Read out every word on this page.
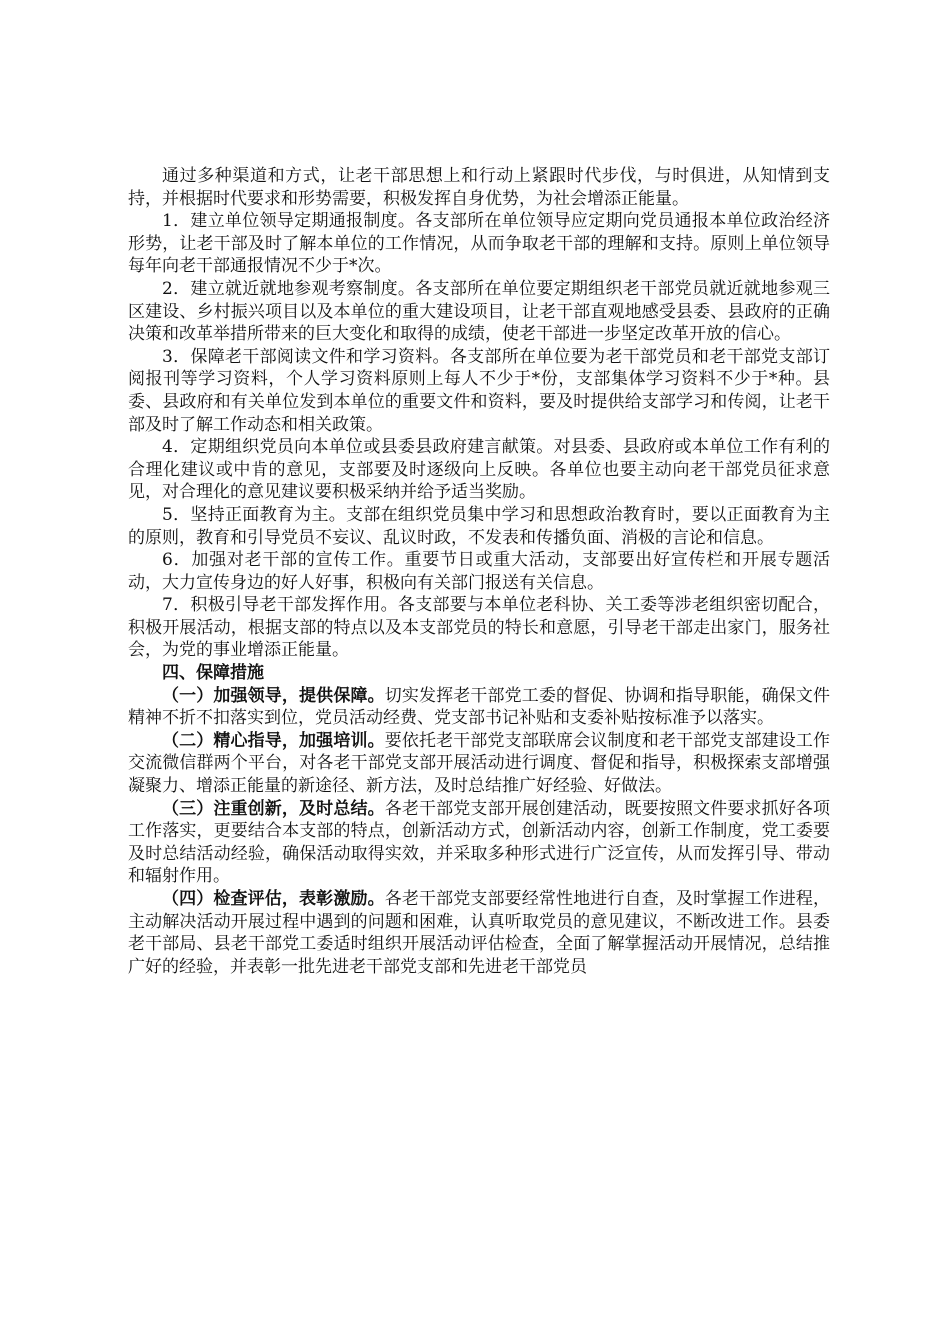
通过多种渠道和方式，让老干部思想上和行动上紧跟时代步伐，与时俱进，从知情到支持，并根据时代要求和形势需要，积极发挥自身优势，为社会增添正能量。

1．建立单位领导定期通报制度。各支部所在单位领导应定期向党员通报本单位政治经济形势，让老干部及时了解本单位的工作情况，从而争取老干部的理解和支持。原则上单位领导每年向老干部通报情况不少于*次。

2．建立就近就地参观考察制度。各支部所在单位要定期组织老干部党员就近就地参观三区建设、乡村振兴项目以及本单位的重大建设项目，让老干部直观地感受县委、县政府的正确决策和改革举措所带来的巨大变化和取得的成绩，使老干部进一步坚定改革开放的信心。

3．保障老干部阅读文件和学习资料。各支部所在单位要为老干部党员和老干部党支部订阅报刊等学习资料，个人学习资料原则上每人不少于*份，支部集体学习资料不少于*种。县委、县政府和有关单位发到本单位的重要文件和资料，要及时提供给支部学习和传阅，让老干部及时了解工作动态和相关政策。

4．定期组织党员向本单位或县委县政府建言献策。对县委、县政府或本单位工作有利的合理化建议或中肯的意见，支部要及时逐级向上反映。各单位也要主动向老干部党员征求意见，对合理化的意见建议要积极采纳并给予适当奖励。

5．坚持正面教育为主。支部在组织党员集中学习和思想政治教育时，要以正面教育为主的原则，教育和引导党员不妄议、乱议时政，不发表和传播负面、消极的言论和信息。

6．加强对老干部的宣传工作。重要节日或重大活动，支部要出好宣传栏和开展专题活动，大力宣传身边的好人好事，积极向有关部门报送有关信息。

7．积极引导老干部发挥作用。各支部要与本单位老科协、关工委等涉老组织密切配合，积极开展活动，根据支部的特点以及本支部党员的特长和意愿，引导老干部走出家门，服务社会，为党的事业增添正能量。

四、保障措施

（一）加强领导，提供保障。切实发挥老干部党工委的督促、协调和指导职能，确保文件精神不折不扣落实到位，党员活动经费、党支部书记补贴和支委补贴按标准予以落实。

（二）精心指导，加强培训。要依托老干部党支部联席会议制度和老干部党支部建设工作交流微信群两个平台，对各老干部党支部开展活动进行调度、督促和指导，积极探索支部增强凝聚力、增添正能量的新途径、新方法，及时总结推广好经验、好做法。

（三）注重创新，及时总结。各老干部党支部开展创建活动，既要按照文件要求抓好各项工作落实，更要结合本支部的特点，创新活动方式，创新活动内容，创新工作制度，党工委要及时总结活动经验，确保活动取得实效，并采取多种形式进行广泛宣传，从而发挥引导、带动和辐射作用。

（四）检查评估，表彰激励。各老干部党支部要经常性地进行自查，及时掌握工作进程，主动解决活动开展过程中遇到的问题和困难，认真听取党员的意见建议，不断改进工作。县委老干部局、县老干部党工委适时组织开展活动评估检查，全面了解掌握活动开展情况，总结推广好的经验，并表彰一批先进老干部党支部和先进老干部党员
